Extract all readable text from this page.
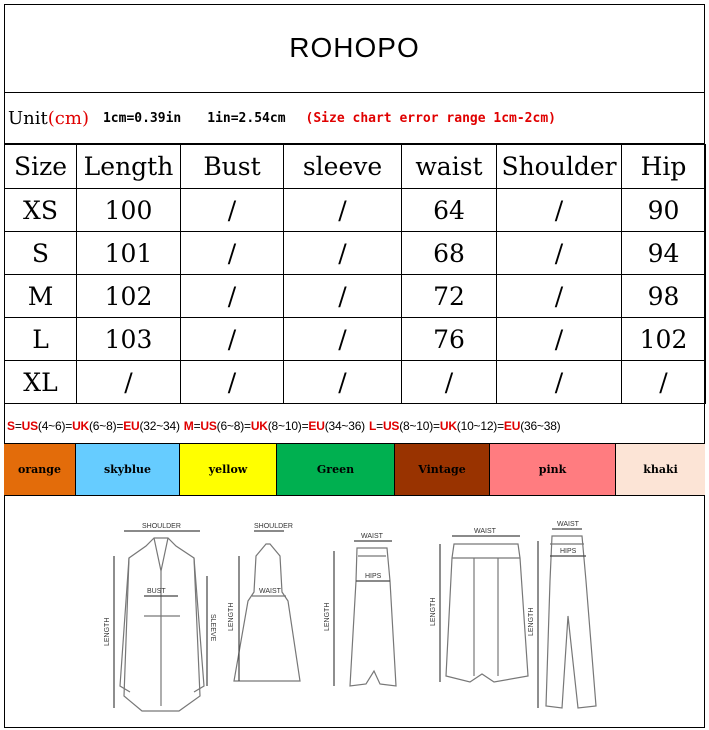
ROHOPO
Unit (cm) 1cm=0.39in 1in=2.54cm (Size chart error range 1cm-2cm)
Size	Length	Bust	sleeve	waist	Shoulder	Hip
XS	100	/	/	64	/	90
S	101	/	/	68	/	94
M	102	/	/	72	/	98
L	103	/	/	76	/	102
XL	/	/	/	/	/	/
S = US (4~6) = UK (6~8) = EU (32~34) M = US (6~8) = UK (8~10) = EU (34~36) L = US (8~10) = UK (10~12) = EU (36~38)
orange	skyblue	yellow	Green	Vintage	pink	khaki
SHOULDER
BUST
LENGTH	SLEEVE
SHOULDER
WAIST
LENGTH
WAIST
HIPS
LENGTH
WAIST
LENGTH
WAIST
HIPS
LENGTH
